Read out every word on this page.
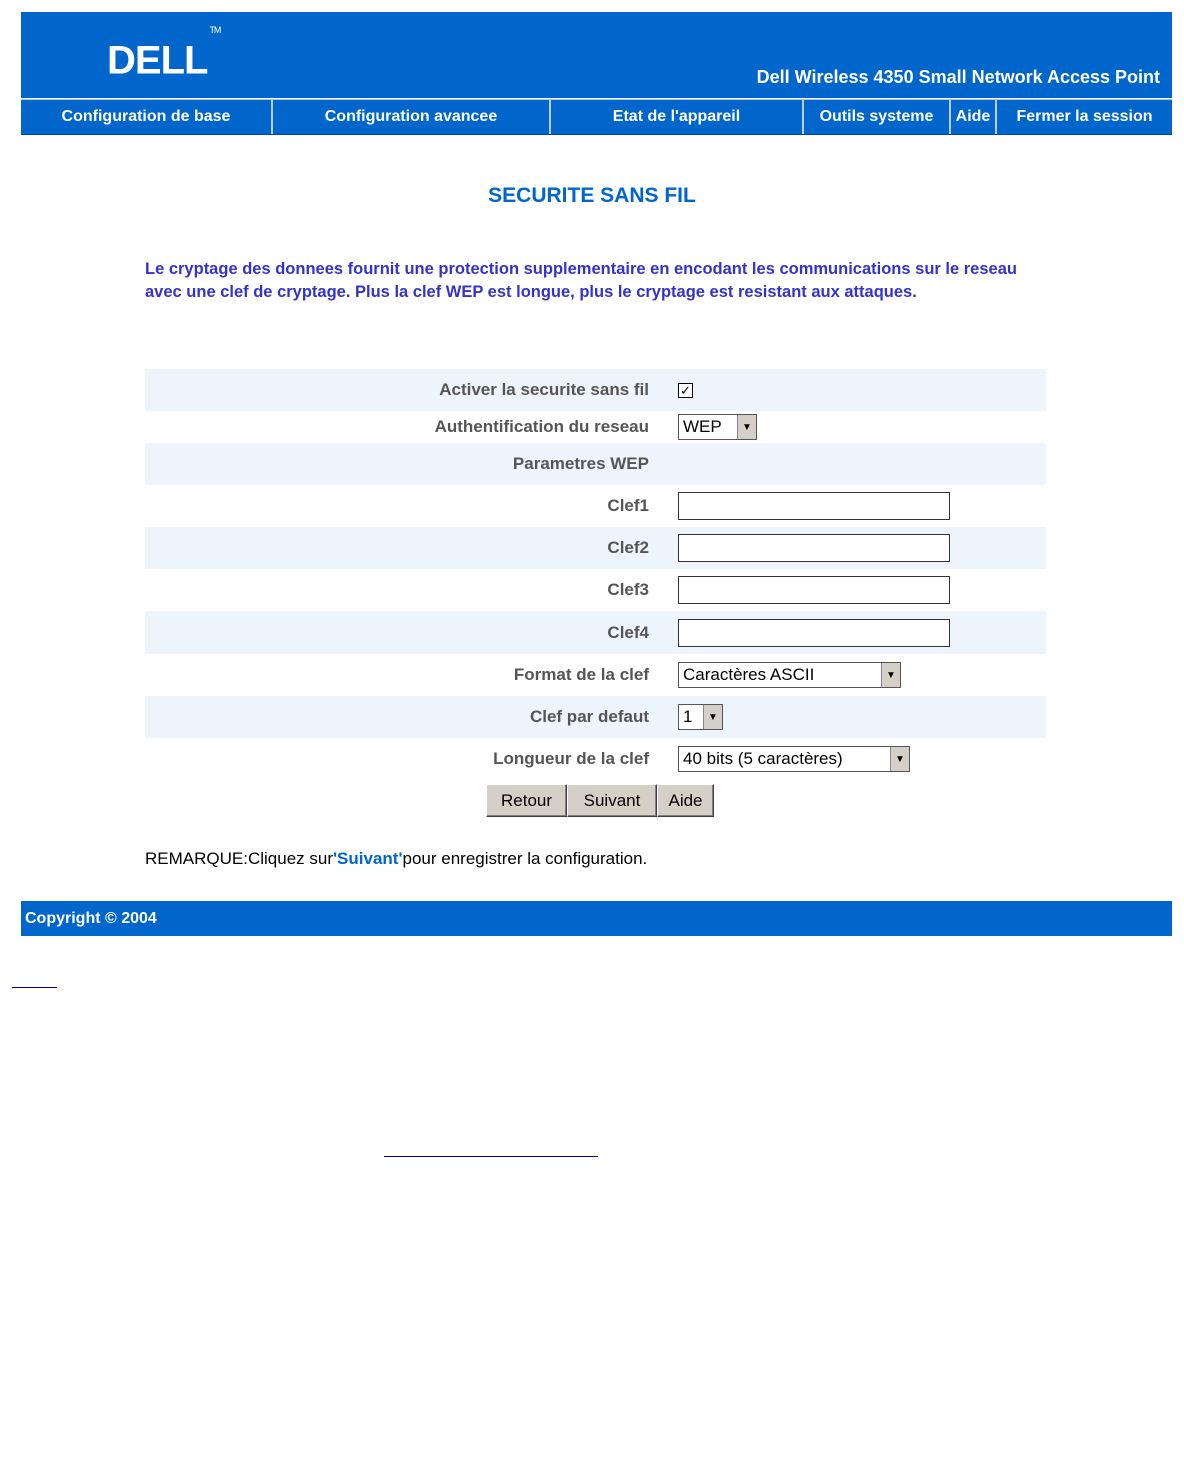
DELL™
Dell Wireless 4350 Small Network Access Point
Configuration de base	Configuration avancee	Etat de l'appareil	Outils systeme	Aide	Fermer la session
SECURITE SANS FIL
Le cryptage des donnees fournit une protection supplementaire en encodant les communications sur le reseau avec une clef de cryptage. Plus la clef WEP est longue, plus le cryptage est resistant aux attaques.
Activer la securite sans fil ✓
Authentification du reseau WEP	▼
Parametres WEP
Clef1
Clef2
Clef3
Clef4
Format de la clef Caractères ASCII	▼
Clef par defaut 1	▼
Longueur de la clef 40 bits (5 caractères)	▼
Retour	Suivant	Aide
REMARQUE:Cliquez sur'Suivant'pour enregistrer la configuration.
Copyright © 2004
